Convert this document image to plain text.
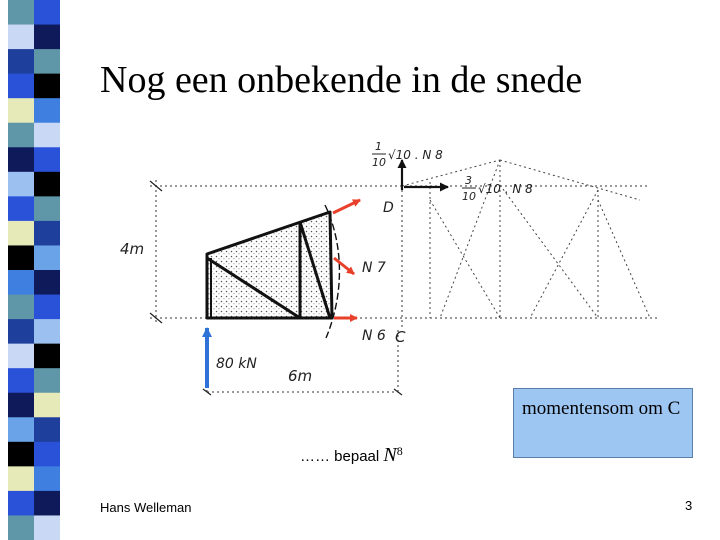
Nog een onbekende in de snede
4m
6m
80 kN
D
C
N 7
N 6
1
10
√10 . N 8
3
10
√10 . N 8
…… bepaal $N^8$
momentensom om C
Hans Welleman	3
